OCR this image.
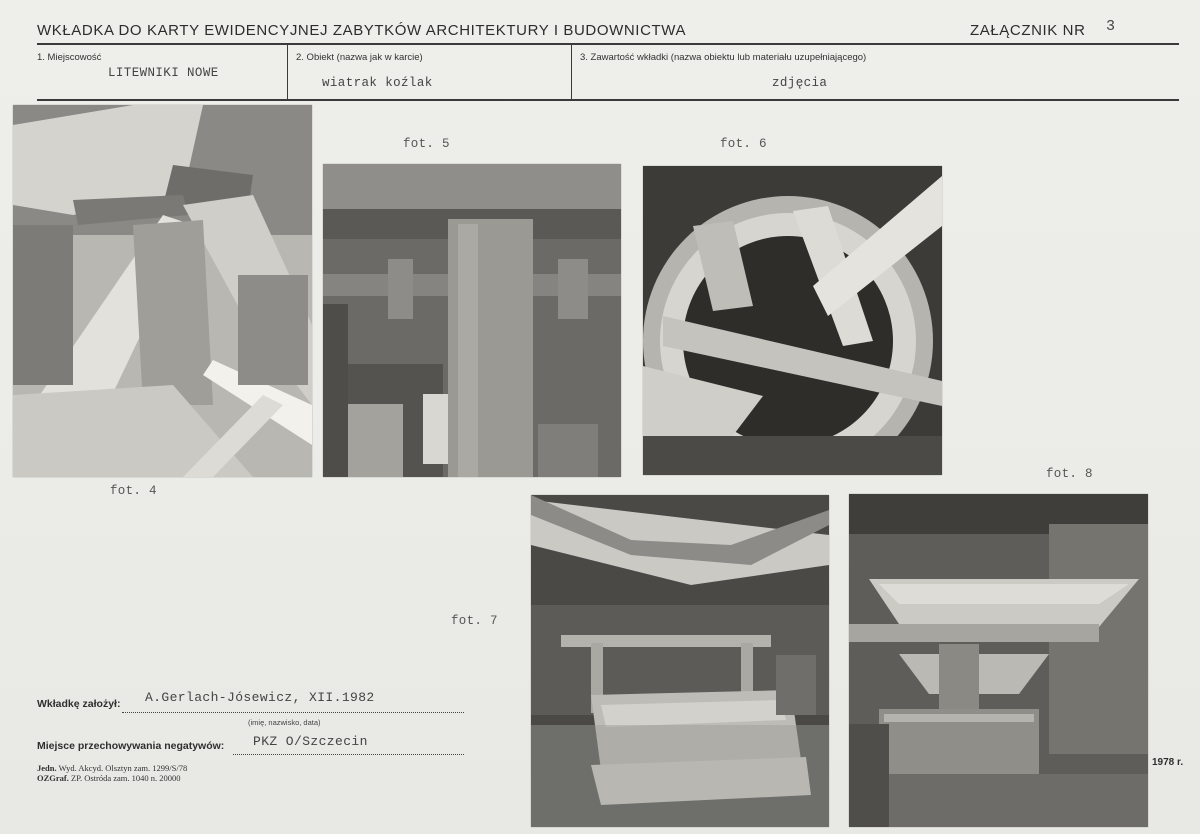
WKŁADKA DO KARTY EWIDENCYJNEJ ZABYTKÓW ARCHITEKTURY I BUDOWNICTWA	ZAŁĄCZNIK NR 3
1. Miejscowość
LITEWNIKI NOWE
2. Obiekt (nazwa jak w karcie)
wiatrak koźlak
3. Zawartość wkładki (nazwa obiektu lub materiału uzupełniającego)
zdjęcia
fot. 4
fot. 5	fot. 6
fot. 7
fot. 8
Wkładkę założył: A.Gerlach-Jósewicz, XII.1982
(imię, nazwisko, data)
Miejsce przechowywania negatywów: PKZ O/Szczecin
Jedn. Wyd. Akcyd. Olsztyn zam. 1299/S/78
OZGraf. ZP. Ostróda zam. 1040 n. 20000
1978 r.
